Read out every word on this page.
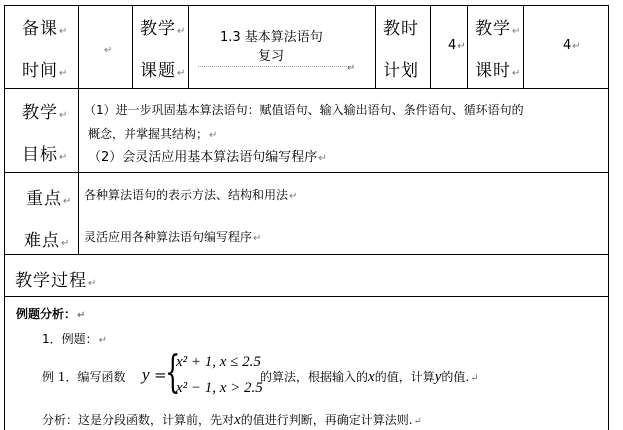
备课↵
时间↵
↵
教学↵
课题↵
1.3 基本算法语句
复习
↵
教时
计划
4↵
教学↵
课时↵
4↵
教学↵
目标↵
（1）进一步巩固基本算法语句：赋值语句、输入输出语句、条件语句、循环语句的
概念，并掌握其结构；↵
（2）会灵活应用基本算法语句编写程序↵
重点↵ 各种算法语句的表示方法、结构和用法↵
难点↵ 灵活应用各种算法语句编写程序↵
教学过程↵
例题分析：↵
1．例题：↵
例 1．编写函数 y =
{
x² + 1, x ≤ 2.5
x² − 1, x > 2.5
的算法，根据输入的x的值，计算y的值.↵
分析：这是分段函数，计算前，先对x的值进行判断，再确定计算法则.↵
